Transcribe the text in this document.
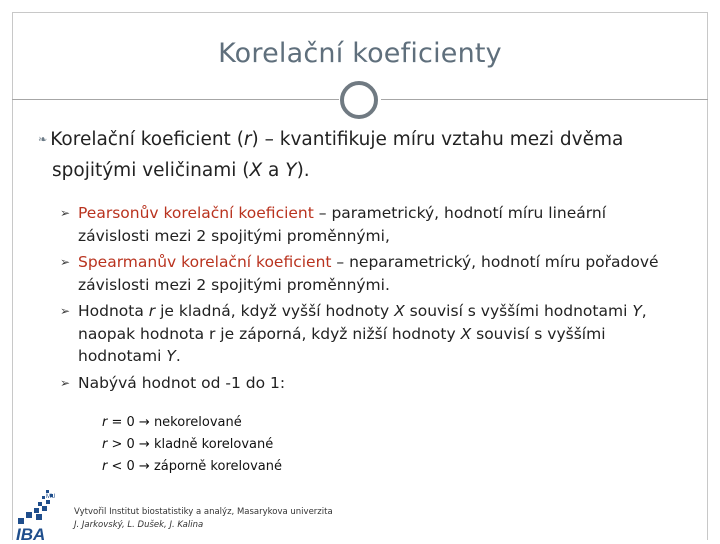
Korelační koeficienty
❧ Korelační koeficient (r) – kvantifikuje míru vztahu mezi dvěma
spojitými veličinami (X a Y).
➢ Pearsonův korelační koeficient – parametrický, hodnotí míru lineární závislosti mezi 2 spojitými proměnnými,
➢ Spearmanův korelační koeficient – neparametrický, hodnotí míru pořadové závislosti mezi 2 spojitými proměnnými.
➢ Hodnota r je kladná, když vyšší hodnoty X souvisí s vyššími hodnotami Y, naopak hodnota r je záporná, když nižší hodnoty X souvisí s vyššími hodnotami Y.
➢ Nabývá hodnot od -1 do 1:
r = 0 → nekorelované
r > 0 → kladně korelované
r < 0 → záporně korelované
MU
IBA
Vytvořil Institut biostatistiky a analýz, Masarykova univerzita
J. Jarkovský, L. Dušek, J. Kalina
